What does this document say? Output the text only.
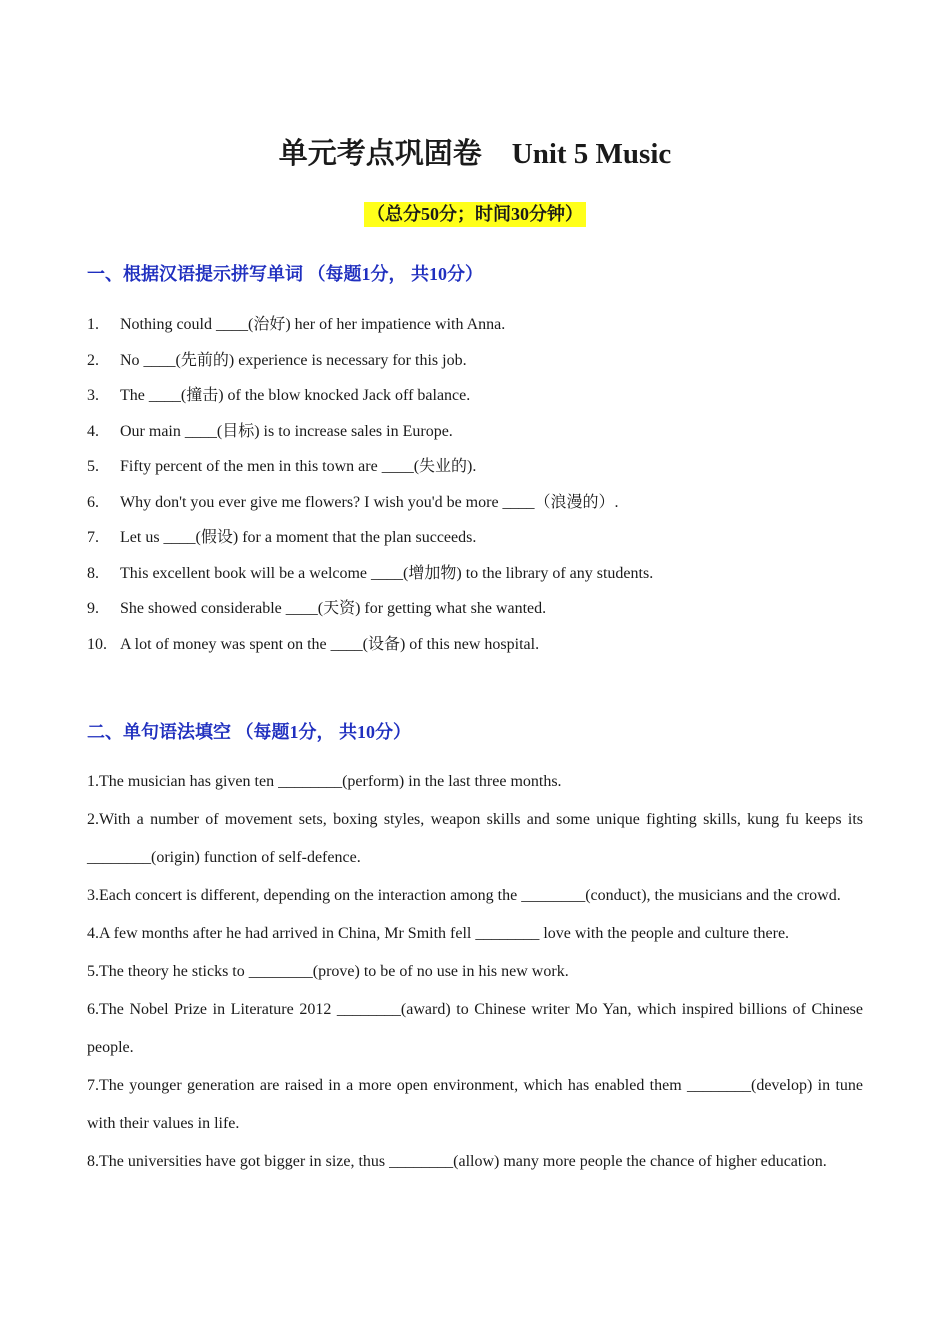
单元考点巩固卷 Unit 5 Music
（总分50分；时间30分钟）
一、根据汉语提示拼写单词 （每题1分， 共10分）
1. Nothing could ____(治好) her of her impatience with Anna.
2. No ____(先前的) experience is necessary for this job.
3. The ____(撞击) of the blow knocked Jack off balance.
4. Our main ____(目标) is to increase sales in Europe.
5. Fifty percent of the men in this town are ____(失业的).
6. Why don't you ever give me flowers? I wish you'd be more ____（浪漫的）.
7. Let us ____(假设) for a moment that the plan succeeds.
8. This excellent book will be a welcome ____(增加物) to the library of any students.
9. She showed considerable ____(天资) for getting what she wanted.
10. A lot of money was spent on the ____(设备) of this new hospital.
二、单句语法填空 （每题1分， 共10分）
1.The musician has given ten ________(perform) in the last three months.
2.With a number of movement sets, boxing styles, weapon skills and some unique fighting skills, kung fu keeps its ________(origin) function of self-defence.
3.Each concert is different, depending on the interaction among the ________(conduct), the musicians and the crowd.
4.A few months after he had arrived in China, Mr Smith fell ________ love with the people and culture there.
5.The theory he sticks to ________(prove) to be of no use in his new work.
6.The Nobel Prize in Literature 2012 ________(award) to Chinese writer Mo Yan, which inspired billions of Chinese people.
7.The younger generation are raised in a more open environment, which has enabled them ________(develop) in tune with their values in life.
8.The universities have got bigger in size, thus ________(allow) many more people the chance of higher education.
